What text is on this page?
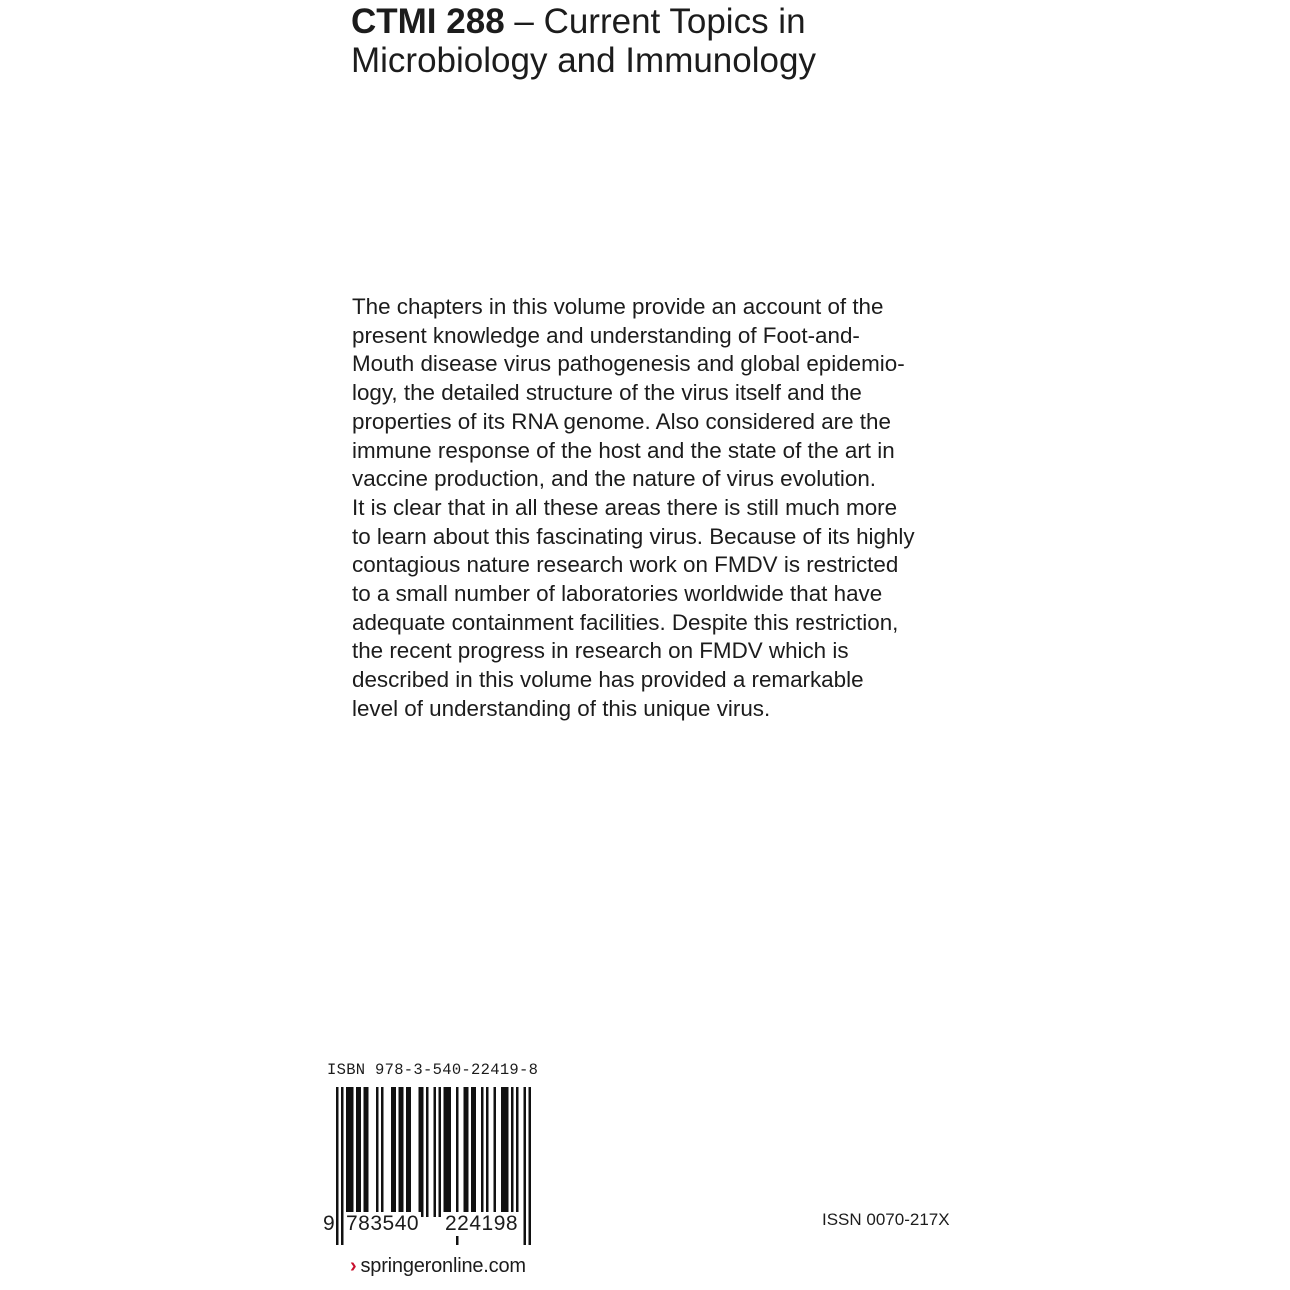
CTMI 288 – Current Topics in
Microbiology and Immunology
The chapters in this volume provide an account of the
present knowledge and understanding of Foot-and-
Mouth disease virus pathogenesis and global epidemio-
logy, the detailed structure of the virus itself and the
properties of its RNA genome. Also considered are the
immune response of the host and the state of the art in
vaccine production, and the nature of virus evolution.
It is clear that in all these areas there is still much more
to learn about this fascinating virus. Because of its highly
contagious nature research work on FMDV is restricted
to a small number of laboratories worldwide that have
adequate containment facilities. Despite this restriction,
the recent progress in research on FMDV which is
described in this volume has provided a remarkable
level of understanding of this unique virus.
ISBN 978-3-540-22419-8
9 783540 224198	ISSN 0070-217X
› springeronline.com
